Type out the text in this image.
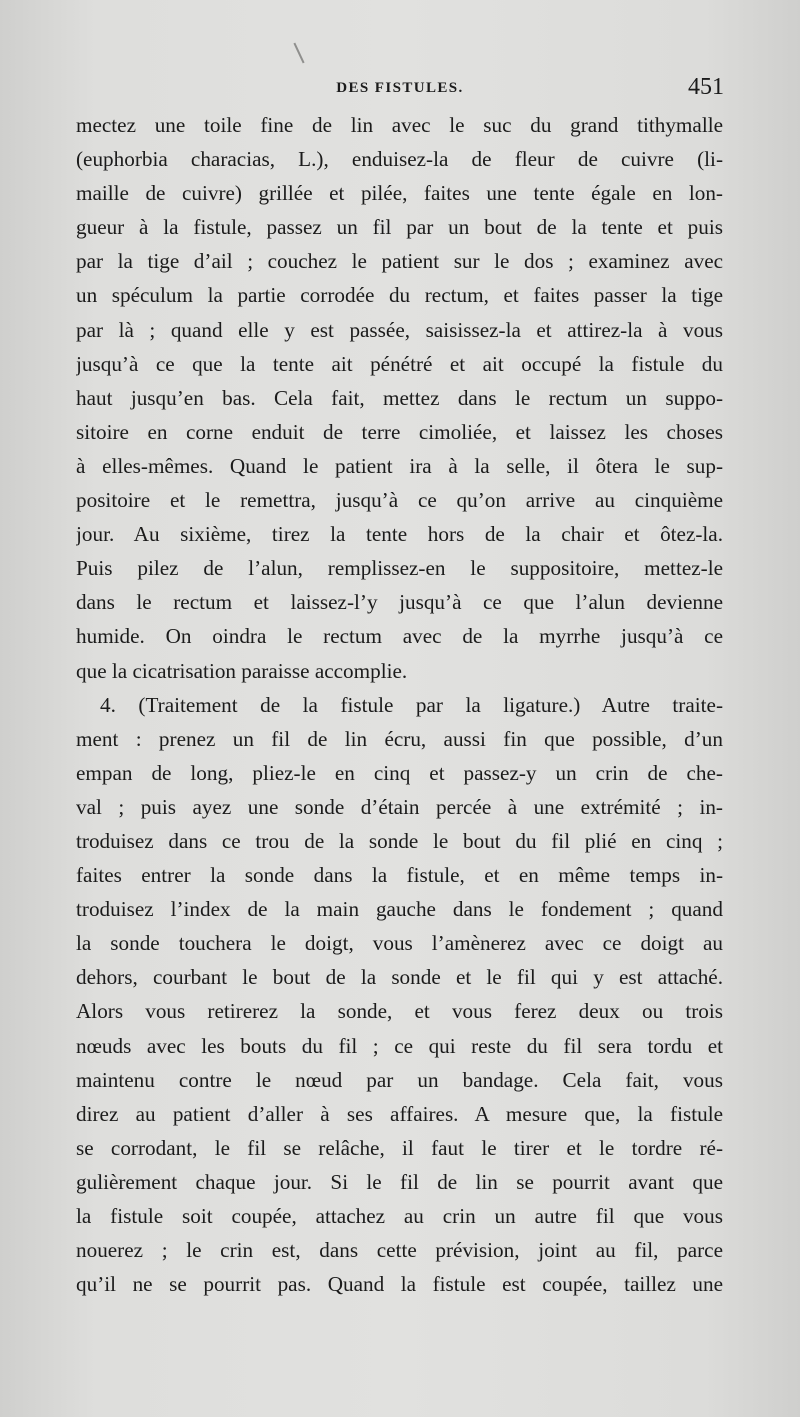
DES FISTULES.	451
mectez une toile fine de lin avec le suc du grand tithymalle
(euphorbia characias, L.), enduisez-la de fleur de cuivre (li-
maille de cuivre) grillée et pilée, faites une tente égale en lon-
gueur à la fistule, passez un fil par un bout de la tente et puis
par la tige d’ail ; couchez le patient sur le dos ; examinez avec
un spéculum la partie corrodée du rectum, et faites passer la tige
par là ; quand elle y est passée, saisissez-la et attirez-la à vous
jusqu’à ce que la tente ait pénétré et ait occupé la fistule du
haut jusqu’en bas. Cela fait, mettez dans le rectum un suppo-
sitoire en corne enduit de terre cimoliée, et laissez les choses
à elles-mêmes. Quand le patient ira à la selle, il ôtera le sup-
positoire et le remettra, jusqu’à ce qu’on arrive au cinquième
jour. Au sixième, tirez la tente hors de la chair et ôtez-la.
Puis pilez de l’alun, remplissez-en le suppositoire, mettez-le
dans le rectum et laissez-l’y jusqu’à ce que l’alun devienne
humide. On oindra le rectum avec de la myrrhe jusqu’à ce
que la cicatrisation paraisse accomplie.
4. (Traitement de la fistule par la ligature.) Autre traite-
ment : prenez un fil de lin écru, aussi fin que possible, d’un
empan de long, pliez-le en cinq et passez-y un crin de che-
val ; puis ayez une sonde d’étain percée à une extrémité ; in-
troduisez dans ce trou de la sonde le bout du fil plié en cinq ;
faites entrer la sonde dans la fistule, et en même temps in-
troduisez l’index de la main gauche dans le fondement ; quand
la sonde touchera le doigt, vous l’amènerez avec ce doigt au
dehors, courbant le bout de la sonde et le fil qui y est attaché.
Alors vous retirerez la sonde, et vous ferez deux ou trois
nœuds avec les bouts du fil ; ce qui reste du fil sera tordu et
maintenu contre le nœud par un bandage. Cela fait, vous
direz au patient d’aller à ses affaires. A mesure que, la fistule
se corrodant, le fil se relâche, il faut le tirer et le tordre ré-
gulièrement chaque jour. Si le fil de lin se pourrit avant que
la fistule soit coupée, attachez au crin un autre fil que vous
nouerez ; le crin est, dans cette prévision, joint au fil, parce
qu’il ne se pourrit pas. Quand la fistule est coupée, taillez une
